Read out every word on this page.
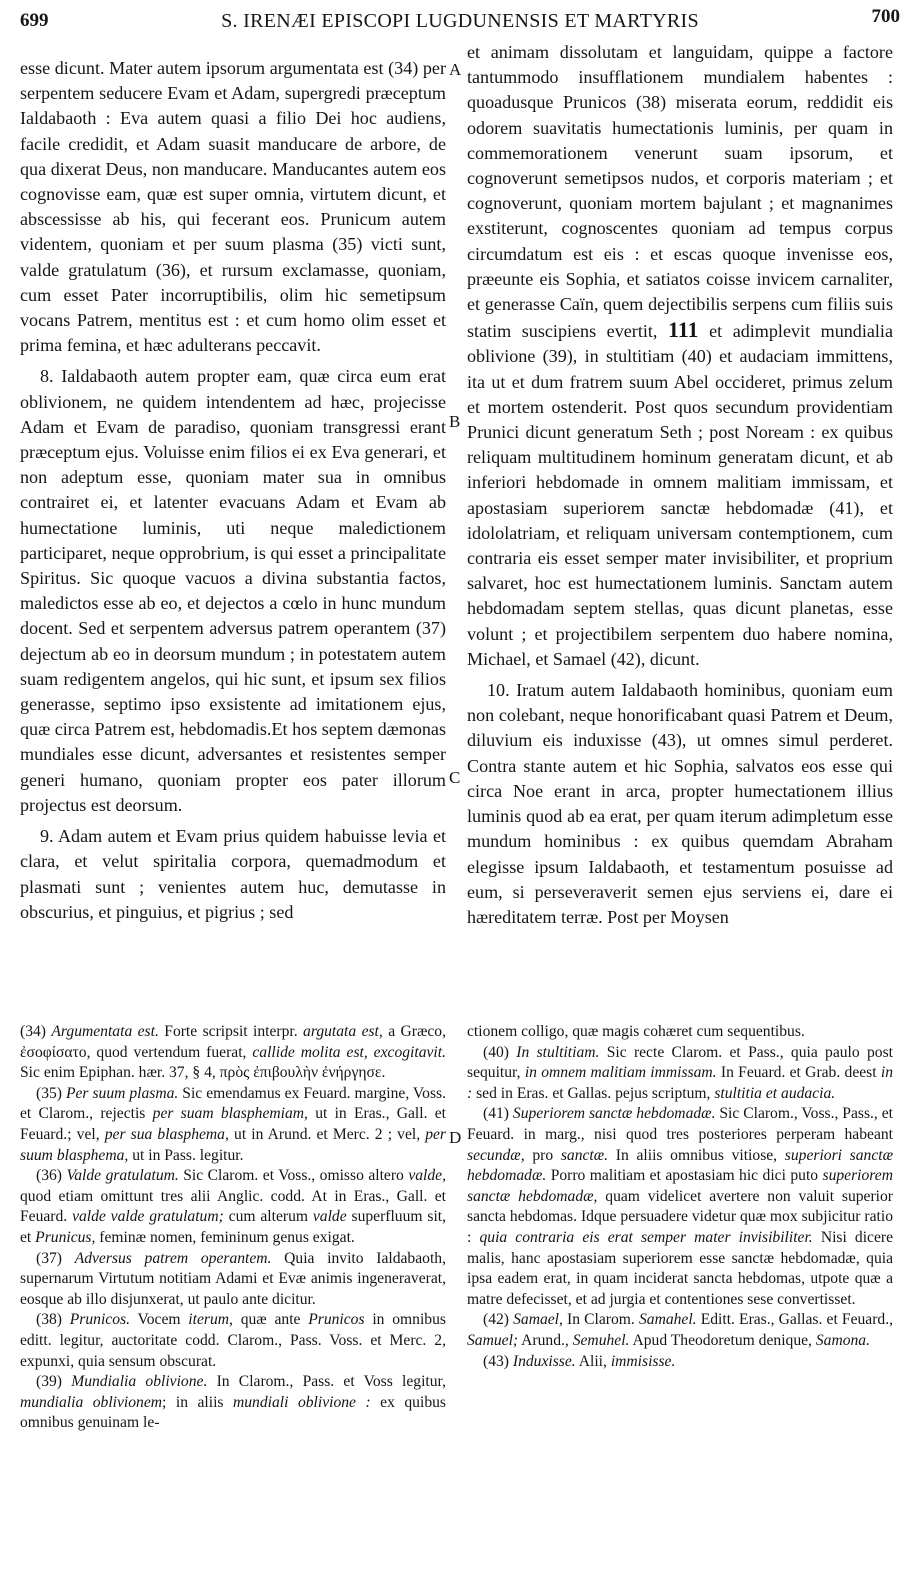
699	S. IRENÆI EPISCOPI LUGDUNENSIS ET MARTYRIS	700
A
B
C
D

esse dicunt. Mater autem ipsorum argumentata est (34) per serpentem seducere Evam et Adam, supergredi præceptum Ialdabaoth : Eva autem quasi a filio Dei hoc audiens, facile credidit, et Adam suasit manducare de arbore, de qua dixerat Deus, non manducare. Manducantes autem eos cognovisse eam, quæ est super omnia, virtutem dicunt, et abscessisse ab his, qui fecerant eos. Prunicum autem videntem, quoniam et per suum plasma (35) victi sunt, valde gratulatum (36), et rursum exclamasse, quoniam, cum esset Pater incorruptibilis, olim hic semetipsum vocans Patrem, mentitus est : et cum homo olim esset et prima femina, et hæc adulterans peccavit.

8. Ialdabaoth autem propter eam, quæ circa eum erat oblivionem, ne quidem intendentem ad hæc, projecisse Adam et Evam de paradiso, quoniam transgressi erant præceptum ejus. Voluisse enim filios ei ex Eva generari, et non adeptum esse, quoniam mater sua in omnibus contrairet ei, et latenter evacuans Adam et Evam ab humectatione luminis, uti neque maledictionem participaret, neque opprobrium, is qui esset a principalitate Spiritus. Sic quoque vacuos a divina substantia factos, maledictos esse ab eo, et dejectos a cœlo in hunc mundum docent. Sed et serpentem adversus patrem operantem (37) dejectum ab eo in deorsum mundum ; in potestatem autem suam redigentem angelos, qui hic sunt, et ipsum sex filios generasse, septimo ipso exsistente ad imitationem ejus, quæ circa Patrem est, hebdomadis.Et hos septem dæmonas mundiales esse dicunt, adversantes et resistentes semper generi humano, quoniam propter eos pater illorum projectus est deorsum.

9. Adam autem et Evam prius quidem habuisse levia et clara, et velut spiritalia corpora, quemadmodum et plasmati sunt ; venientes autem huc, demutasse in obscurius, et pinguius, et pigrius ; sed

et animam dissolutam et languidam, quippe a factore tantummodo insufflationem mundialem habentes : quoadusque Prunicos (38) miserata eorum, reddidit eis odorem suavitatis humectationis luminis, per quam in commemorationem venerunt suam ipsorum, et cognoverunt semetipsos nudos, et corporis materiam ; et cognoverunt, quoniam mortem bajulant ; et magnanimes exstiterunt, cognoscentes quoniam ad tempus corpus circumdatum est eis : et escas quoque invenisse eos, præeunte eis Sophia, et satiatos coisse invicem carnaliter, et generasse Caïn, quem dejectibilis serpens cum filiis suis statim suscipiens evertit, 111 et adimplevit mundialia oblivione (39), in stultitiam (40) et audaciam immittens, ita ut et dum fratrem suum Abel occideret, primus zelum et mortem ostenderit. Post quos secundum providentiam Prunici dicunt generatum Seth ; post Noream : ex quibus reliquam multitudinem hominum generatam dicunt, et ab inferiori hebdomade in omnem malitiam immissam, et apostasiam superiorem sanctæ hebdomadæ (41), et idololatriam, et reliquam universam contemptionem, cum contraria eis esset semper mater invisibiliter, et proprium salvaret, hoc est humectationem luminis. Sanctam autem hebdomadam septem stellas, quas dicunt planetas, esse volunt ; et projectibilem serpentem duo habere nomina, Michael, et Samael (42), dicunt.

10. Iratum autem Ialdabaoth hominibus, quoniam eum non colebant, neque honorificabant quasi Patrem et Deum, diluvium eis induxisse (43), ut omnes simul perderet. Contra stante autem et hic Sophia, salvatos eos esse qui circa Noe erant in arca, propter humectationem illius luminis quod ab ea erat, per quam iterum adimpletum esse mundum hominibus : ex quibus quemdam Abraham elegisse ipsum Ialdabaoth, et testamentum posuisse ad eum, si perseveraverit semen ejus serviens ei, dare ei hæreditatem terræ. Post per Moysen

(34) Argumentata est. Forte scripsit interpr. argutata est, a Græco, ἐσοφίσατο, quod vertendum fuerat, callide molita est, excogitavit. Sic enim Epiphan. hær. 37, § 4, πρὸς ἐπιβουλὴν ἐνήργησε.

(35) Per suum plasma. Sic emendamus ex Feuard. margine, Voss. et Clarom., rejectis per suam blasphemiam, ut in Eras., Gall. et Feuard.; vel, per sua blasphema, ut in Arund. et Merc. 2 ; vel, per suum blasphema, ut in Pass. legitur.

(36) Valde gratulatum. Sic Clarom. et Voss., omisso altero valde, quod etiam omittunt tres alii Anglic. codd. At in Eras., Gall. et Feuard. valde valde gratulatum; cum alterum valde superfluum sit, et Prunicus, feminæ nomen, femininum genus exigat.

(37) Adversus patrem operantem. Quia invito Ialdabaoth, supernarum Virtutum notitiam Adami et Evæ animis ingeneraverat, eosque ab illo disjunxerat, ut paulo ante dicitur.

(38) Prunicos. Vocem iterum, quæ ante Prunicos in omnibus editt. legitur, auctoritate codd. Clarom., Pass. Voss. et Merc. 2, expunxi, quia sensum obscurat.

(39) Mundialia oblivione. In Clarom., Pass. et Voss legitur, mundialia oblivionem; in aliis mundiali oblivione : ex quibus omnibus genuinam le-

ctionem colligo, quæ magis cohæret cum sequentibus.

(40) In stultitiam. Sic recte Clarom. et Pass., quia paulo post sequitur, in omnem malitiam immissam. In Feuard. et Grab. deest in : sed in Eras. et Gallas. pejus scriptum, stultitia et audacia.

(41) Superiorem sanctæ hebdomadæ. Sic Clarom., Voss., Pass., et Feuard. in marg., nisi quod tres posteriores perperam habeant secundæ, pro sanctæ. In aliis omnibus vitiose, superiori sanctæ hebdomadæ. Porro malitiam et apostasiam hic dici puto superiorem sanctæ hebdomadæ, quam videlicet avertere non valuit superior sancta hebdomas. Idque persuadere videtur quæ mox subjicitur ratio : quia contraria eis erat semper mater invisibiliter. Nisi dicere malis, hanc apostasiam superiorem esse sanctæ hebdomadæ, quia ipsa eadem erat, in quam inciderat sancta hebdomas, utpote quæ a matre defecisset, et ad jurgia et contentiones sese convertisset.

(42) Samael, In Clarom. Samahel. Editt. Eras., Gallas. et Feuard., Samuel; Arund., Semuhel. Apud Theodoretum denique, Samona.

(43) Induxisse. Alii, immisisse.
